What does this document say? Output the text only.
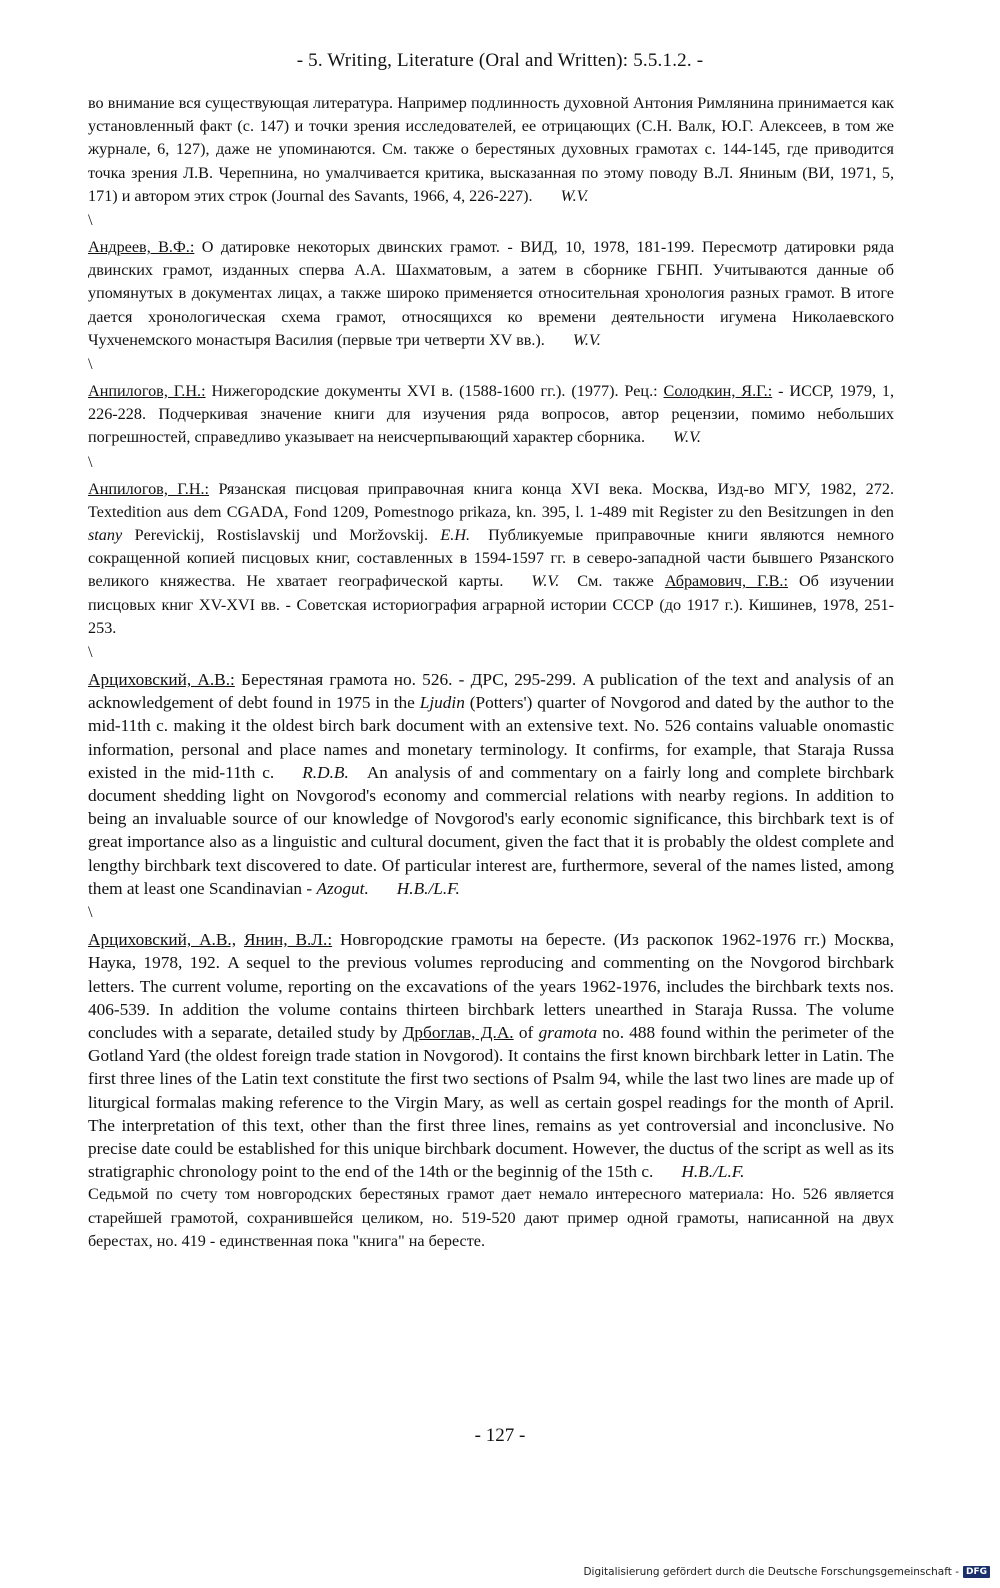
- 5. Writing, Literature (Oral and Written): 5.5.1.2. -

во внимание вся существующая литература. Например подлинность духовной Антония Римлянина принимается как установленный факт (с. 147) и точки зрения исследователей, ее отрицающих (С.Н. Валк, Ю.Г. Алексеев, в том же журнале, 6, 127), даже не упоминаются. См. также о берестяных духовных грамотах с. 144-145, где приводится точка зрения Л.В. Черепнина, но умалчивается критика, высказанная по этому поводу В.Л. Яниным (ВИ, 1971, 5, 171) и автором этих строк (Journal des Savants, 1966, 4, 226-227). W.V.

\

Андреев, В.Ф.: О датировке некоторых двинских грамот. - ВИД, 10, 1978, 181-199. Пересмотр датировки ряда двинских грамот, изданных сперва А.А. Шахматовым, а затем в сборнике ГБНП. Учитываются данные об упомянутых в документах лицах, а также широко применяется относительная хронология разных грамот. В итоге дается хронологическая схема грамот, относящихся ко времени деятельности игумена Николаевского Чухченемского монастыря Василия (первые три четверти XV вв.). W.V.

\

Анпилогов, Г.Н.: Нижегородские документы XVI в. (1588-1600 гг.). (1977). Рец.: Солодкин, Я.Г.: - ИССР, 1979, 1, 226-228. Подчеркивая значение книги для изучения ряда вопросов, автор рецензии, помимо небольших погрешностей, справедливо указывает на неисчерпывающий характер сборника. W.V.

\

Анпилогов, Г.Н.: Рязанская писцовая приправочная книга конца XVI века. Москва, Изд-во МГУ, 1982, 272. Textedition aus dem CGADA, Fond 1209, Pomestnogo prikaza, kn. 395, l. 1-489 mit Register zu den Besitzungen in den stany Perevickij, Rostislavskij und Moržovskij. E.H. Публикуемые приправочные книги являются немного сокращенной копией писцовых книг, составленных в 1594-1597 гг. в северо-западной части бывшего Рязанского великого княжества. Не хватает географической карты. W.V. См. также Абрамович, Г.В.: Об изучении писцовых книг XV-XVI вв. - Советская историография аграрной истории СССР (до 1917 г.). Кишинев, 1978, 251-253.

\

Арциховский, А.В.: Берестяная грамота но. 526. - ДРС, 295-299. A publication of the text and analysis of an acknowledgement of debt found in 1975 in the Ljudin (Potters') quarter of Novgorod and dated by the author to the mid-11th c. making it the oldest birch bark document with an extensive text. No. 526 contains valuable onomastic information, personal and place names and monetary terminology. It confirms, for example, that Staraja Russa existed in the mid-11th c. R.D.B. An analysis of and commentary on a fairly long and complete birchbark document shedding light on Novgorod's economy and commercial relations with nearby regions. In addition to being an invaluable source of our knowledge of Novgorod's early economic significance, this birchbark text is of great importance also as a linguistic and cultural document, given the fact that it is probably the oldest complete and lengthy birchbark text discovered to date. Of particular interest are, furthermore, several of the names listed, among them at least one Scandinavian - Azogut. H.B./L.F.

\

Арциховский, А.В., Янин, В.Л.: Новгородские грамоты на бересте. (Из раскопок 1962-1976 гг.) Москва, Наука, 1978, 192. A sequel to the previous volumes reproducing and commenting on the Novgorod birchbark letters. The current volume, reporting on the excavations of the years 1962-1976, includes the birchbark texts nos. 406-539. In addition the volume contains thirteen birchbark letters unearthed in Staraja Russa. The volume concludes with a separate, detailed study by Дрбоглав, Д.А. of gramota no. 488 found within the perimeter of the Gotland Yard (the oldest foreign trade station in Novgorod). It contains the first known birchbark letter in Latin. The first three lines of the Latin text constitute the first two sections of Psalm 94, while the last two lines are made up of liturgical formalas making reference to the Virgin Mary, as well as certain gospel readings for the month of April. The interpretation of this text, other than the first three lines, remains as yet controversial and inconclusive. No precise date could be established for this unique birchbark document. However, the ductus of the script as well as its stratigraphic chronology point to the end of the 14th or the beginnig of the 15th c. H.B./L.F.

Седьмой по счету том новгородских берестяных грамот дает немало интересного материала: Но. 526 является старейшей грамотой, сохранившейся целиком, но. 519-520 дают пример одной грамоты, написанной на двух берестах, но. 419 - единственная пока "книга" на бересте.

- 127 -
Digitalisierung gefördert durch die Deutsche Forschungsgemeinschaft - DFG
